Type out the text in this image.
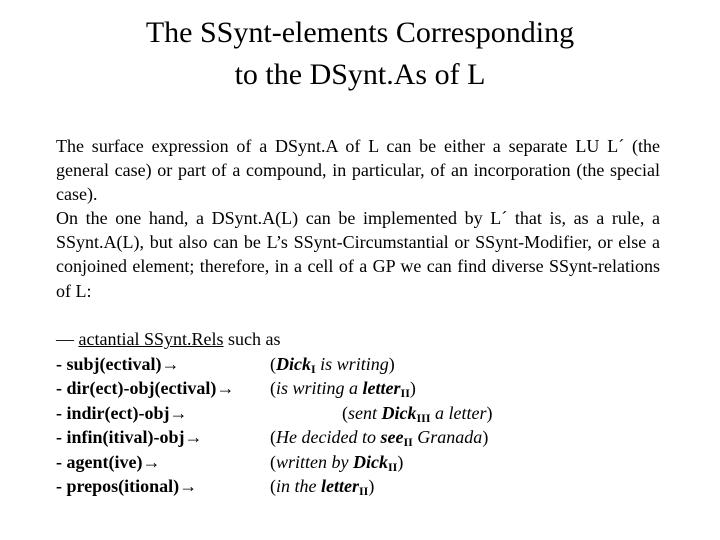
The SSynt-elements Corresponding
to the DSynt.As of L
The surface expression of a DSynt.A of L can be either a separate LU L´ (the general case) or part of a compound, in particular, of an incorporation (the special case).
On the one hand, a DSynt.A(L) can be implemented by L´ that is, as a rule, a SSynt.A(L), but also can be L’s SSynt-Circumstantial or SSynt-Modifier, or else a conjoined element; therefore, in a cell of a GP we can find diverse SSynt-relations of L:
— actantial SSynt.Rels such as
- subj(ectival)→	(Dick$_I$ is writing)
- dir(ect)-obj(ectival)→ (is writing a letter$_{II}$)
- indir(ect)-obj→	(sent Dick$_{III}$ a letter)
- infin(itival)-obj→	(He decided to see$_{II}$ Granada)
- agent(ive)→	(written by Dick$_{II}$)
- prepos(itional)→	(in the letter$_{II}$)
